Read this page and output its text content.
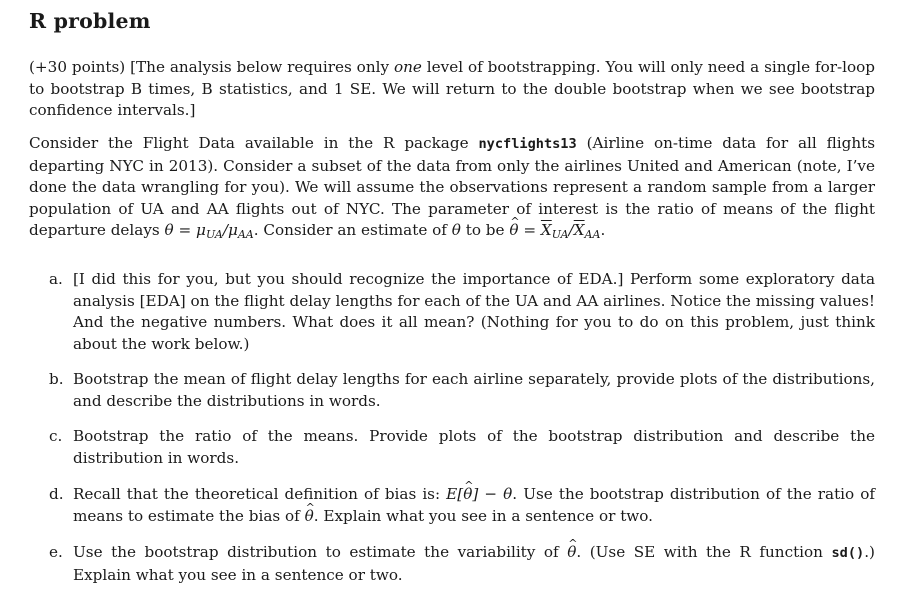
R problem

(+30 points) [The analysis below requires only one level of bootstrapping. You will only need a single for-loop to bootstrap B times, B statistics, and 1 SE. We will return to the double bootstrap when we see bootstrap confidence intervals.]

Consider the Flight Data available in the R package nycflights13 (Airline on-time data for all flights departing NYC in 2013). Consider a subset of the data from only the airlines United and American (note, I’ve done the data wrangling for you). We will assume the observations represent a random sample from a larger population of UA and AA flights out of NYC. The parameter of interest is the ratio of means of the flight departure delays $\theta = \mu_{UA}/\mu_{AA}$. Consider an estimate of θ to be ^ $\theta = \overline{X}_{UA}/\overline{X}_{AA}$.

a. [I did this for you, but you should recognize the importance of EDA.] Perform some exploratory data analysis [EDA] on the flight delay lengths for each of the UA and AA airlines. Notice the missing values! And the negative numbers. What does it all mean? (Nothing for you to do on this problem, just think about the work below.)
b. Bootstrap the mean of flight delay lengths for each airline separately, provide plots of the distributions, and describe the distributions in words.
c. Bootstrap the ratio of the means. Provide plots of the bootstrap distribution and describe the distribution in words.
d. Recall that the theoretical definition of bias is: E[^ θ] − θ. Use the bootstrap distribution of the ratio of means to estimate the bias of ^ θ. Explain what you see in a sentence or two.
e. Use the bootstrap distribution to estimate the variability of ^ θ. (Use SE with the R function sd().) Explain what you see in a sentence or two.
